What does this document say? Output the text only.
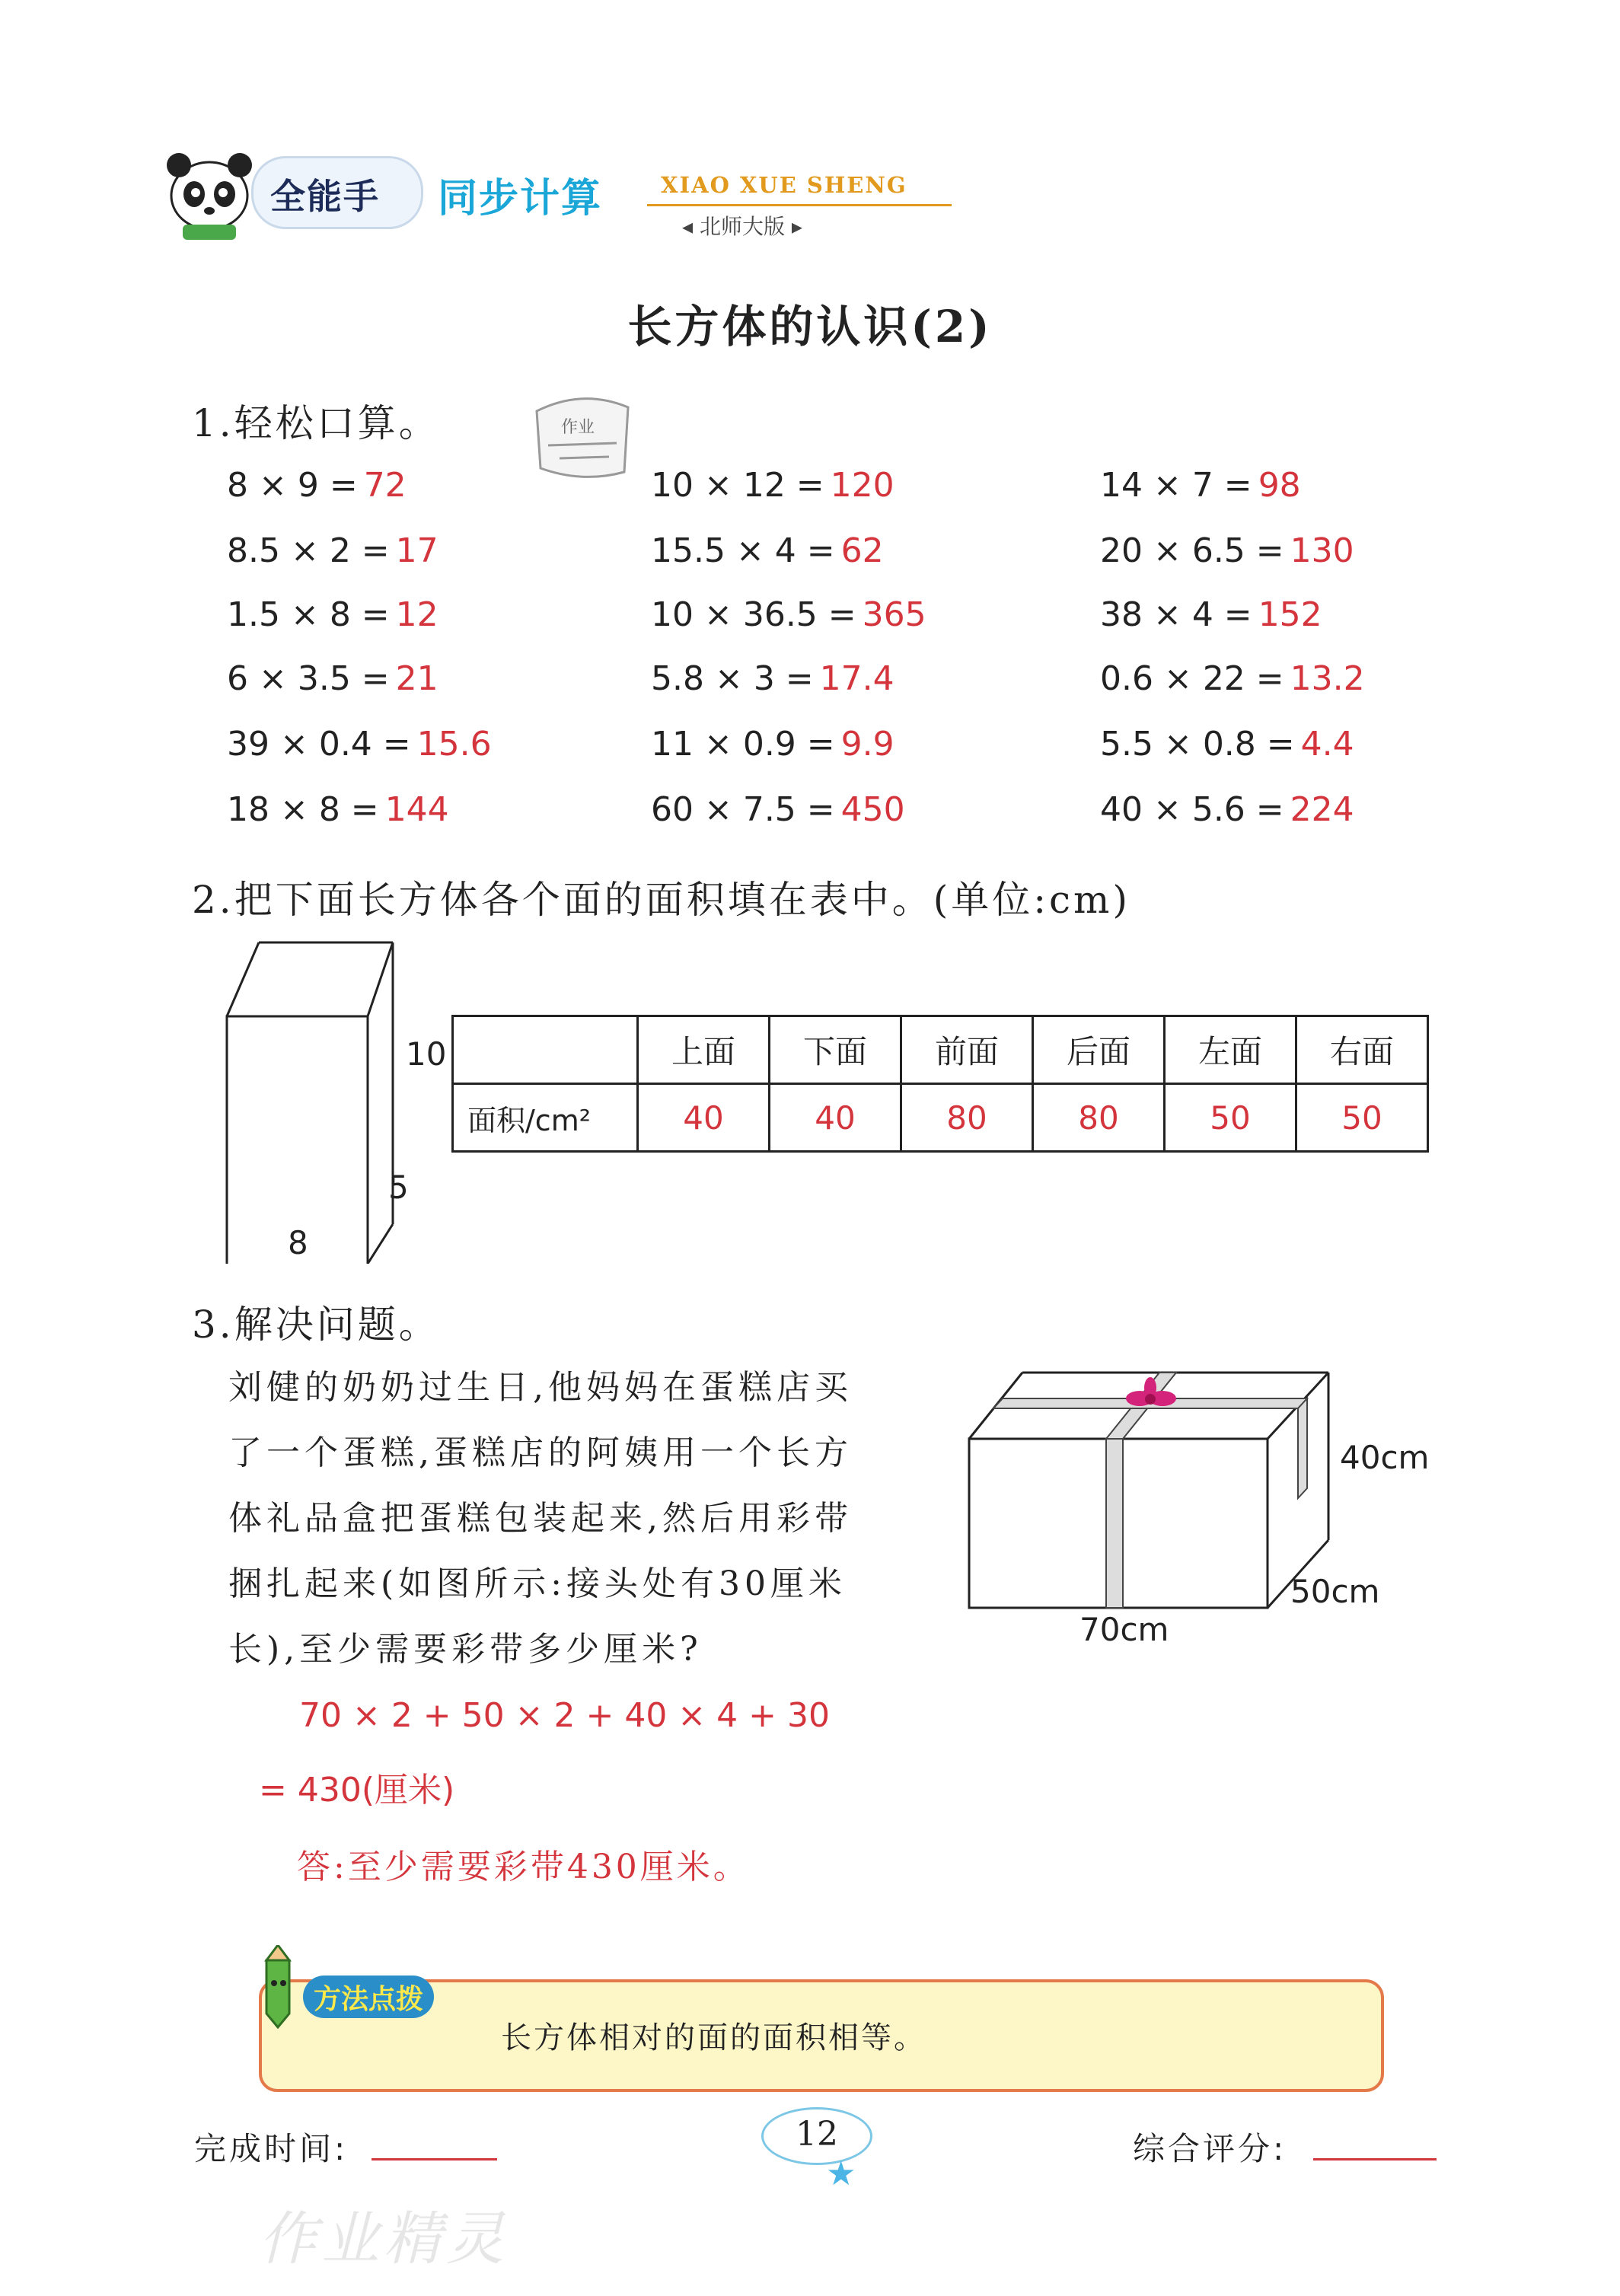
全能手 同步计算	XIAO XUE SHENG
◂ 北师大版 ▸
长方体的认识(2)
1.轻松口算。	作业
8 × 9 = 72	10 × 12 = 120	14 × 7 = 98
8.5 × 2 = 17	15.5 × 4 = 62	20 × 6.5 = 130
1.5 × 8 = 12	10 × 36.5 = 365	38 × 4 = 152
6 × 3.5 = 21	5.8 × 3 = 17.4	0.6 × 22 = 13.2
39 × 0.4 = 15.6	11 × 0.9 = 9.9	5.5 × 0.8 = 4.4
18 × 8 = 144	60 × 7.5 = 450	40 × 5.6 = 224
2.把下面长方体各个面的面积填在表中。(单位:cm)
10
5
8
	上面	下面	前面	后面	左面	右面
面积/cm²	40	40	80	80	50	50
3.解决问题。
刘健的奶奶过生日,他妈妈在蛋糕店买
了一个蛋糕,蛋糕店的阿姨用一个长方
体礼品盒把蛋糕包装起来,然后用彩带
捆扎起来(如图所示:接头处有30厘米
长),至少需要彩带多少厘米?
40cm
50cm
70cm
70 × 2 + 50 × 2 + 40 × 4 + 30
= 430(厘米)
答:至少需要彩带430厘米。
方法点拨
长方体相对的面的面积相等。
完成时间:	12
★
综合评分:
作业精灵
